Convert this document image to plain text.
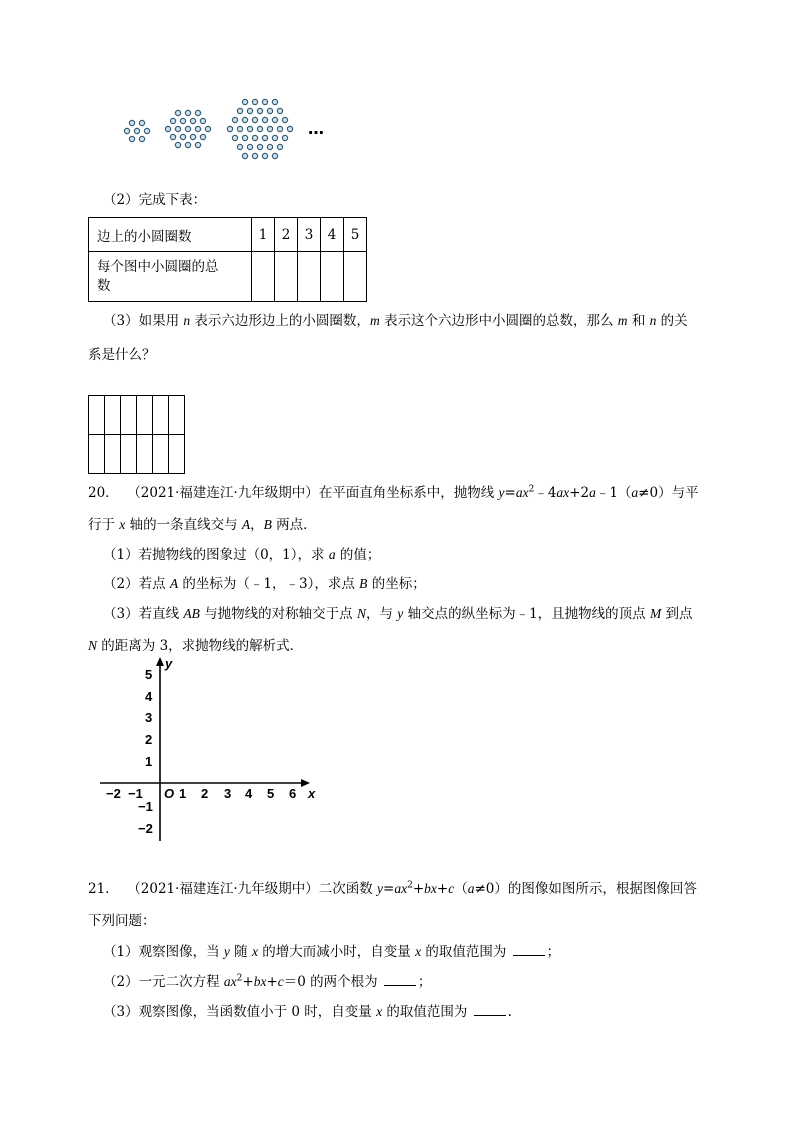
…
（2）完成下表：
边上的小圆圈数	1	2	3	4	5

每个图中小圆圈的总
数					

（3）如果用 n 表示六边形边上的小圆圈数，m 表示这个六边形中小圆圈的总数，那么 m 和 n 的关
系是什么？

20． （2021·福建连江·九年级期中）在平面直角坐标系中，抛物线 $y=ax^2﹣4ax+2a﹣1(a\ne 0)$与平
行于 x 轴的一条直线交与 A，B 两点．
（1）若抛物线的图象过（0，1），求 a 的值；
（2）若点 A 的坐标为（﹣1，﹣3），求点 B 的坐标；
（3）若直线 AB 与抛物线的对称轴交于点 N，与 y 轴交点的纵坐标为﹣1，且抛物线的顶点 M 到点
N 的距离为 3，求抛物线的解析式．
y
x
O
5
4
3
2
1
−1
−2
−2 −1	1 2 3 4 5 6
21． （2021·福建连江·九年级期中）二次函数 $y=ax^2+bx+c(a\ne 0)$的图像如图所示，根据图像回答
下列问题：
（1）观察图像，当 y 随 x 的增大而减小时，自变量 x 的取值范围为	；
（2）一元二次方程 $ax^2+bx+c=0$ 的两个根为	；
（3）观察图像，当函数值小于 0 时，自变量 x 的取值范围为	.
